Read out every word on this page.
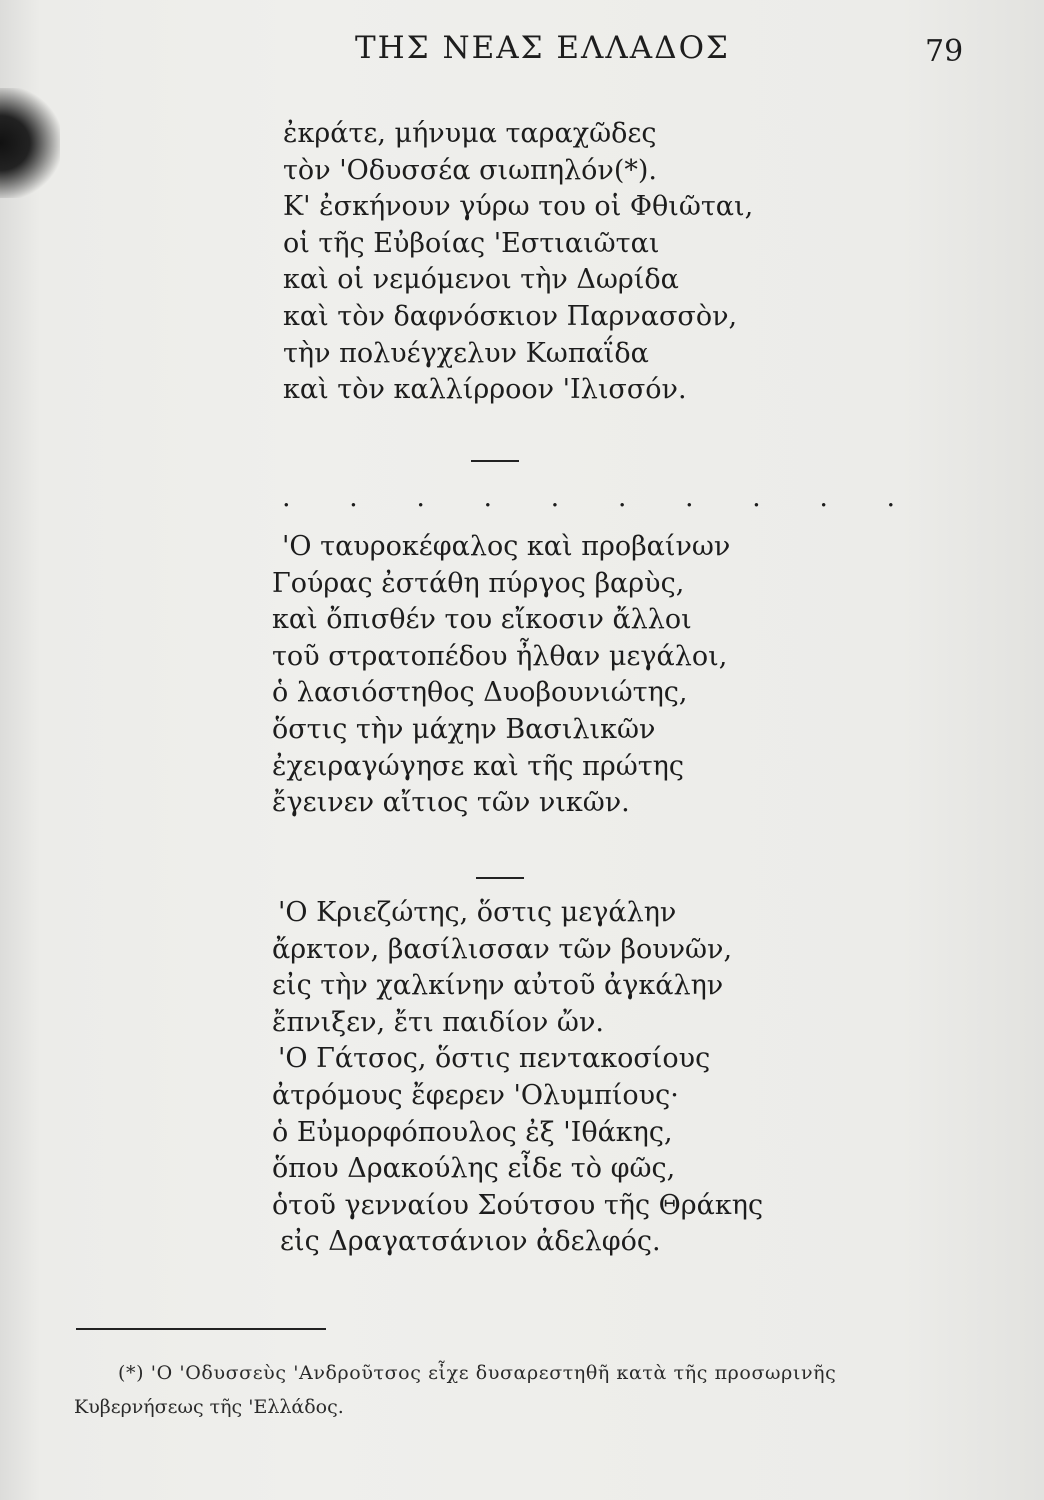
ΤΗΣ ΝΕΑΣ ΕΛΛΑΔΟΣ	79
ἐκράτε, μήνυμα ταραχῶδες
τὸν 'Οδυσσέα σιωπηλόν(*).
Κ' ἐσκήνουν γύρω του οἱ Φθιῶται,
οἱ τῆς Εὐβοίας 'Εστιαιῶται
καὶ οἱ νεμόμενοι τὴν Δωρίδα
καὶ τὸν δαφνόσκιον Παρνασσὸν,
τὴν πολυέγχελυν Κωπαΐδα
καὶ τὸν καλλίρροον 'Ιλισσόν.
. . . . . . . . . .
'Ο ταυροκέφαλος καὶ προβαίνων
Γούρας ἐστάθη πύργος βαρὺς,
καὶ ὄπισθέν του εἴκοσιν ἄλλοι
τοῦ στρατοπέδου ἦλθαν μεγάλοι,
ὁ λασιόστηθος Δυοβουνιώτης,
ὅστις τὴν μάχην Βασιλικῶν
ἐχειραγώγησε καὶ τῆς πρώτης
ἔγεινεν αἴτιος τῶν νικῶν.
'Ο Κριεζώτης, ὅστις μεγάλην
ἄρκτον, βασίλισσαν τῶν βουνῶν,
εἰς τὴν χαλκίνην αὐτοῦ ἀγκάλην
ἔπνιξεν, ἔτι παιδίον ὤν.
'Ο Γάτσος, ὅστις πεντακοσίους
ἀτρόμους ἔφερεν 'Ολυμπίους·
ὁ Εὐμορφόπουλος ἐξ 'Ιθάκης,
ὅπου Δρακούλης εἶδε τὸ φῶς,
ὁτοῦ γενναίου Σούτσου τῆς Θράκης
εἰς Δραγατσάνιον ἀδελφός.
(*) 'Ο 'Οδυσσεὺς 'Ανδροῦτσος εἶχε δυσαρεστηθῆ κατὰ τῆς προσωρινῆς
Κυβερνήσεως τῆς 'Ελλάδος.
